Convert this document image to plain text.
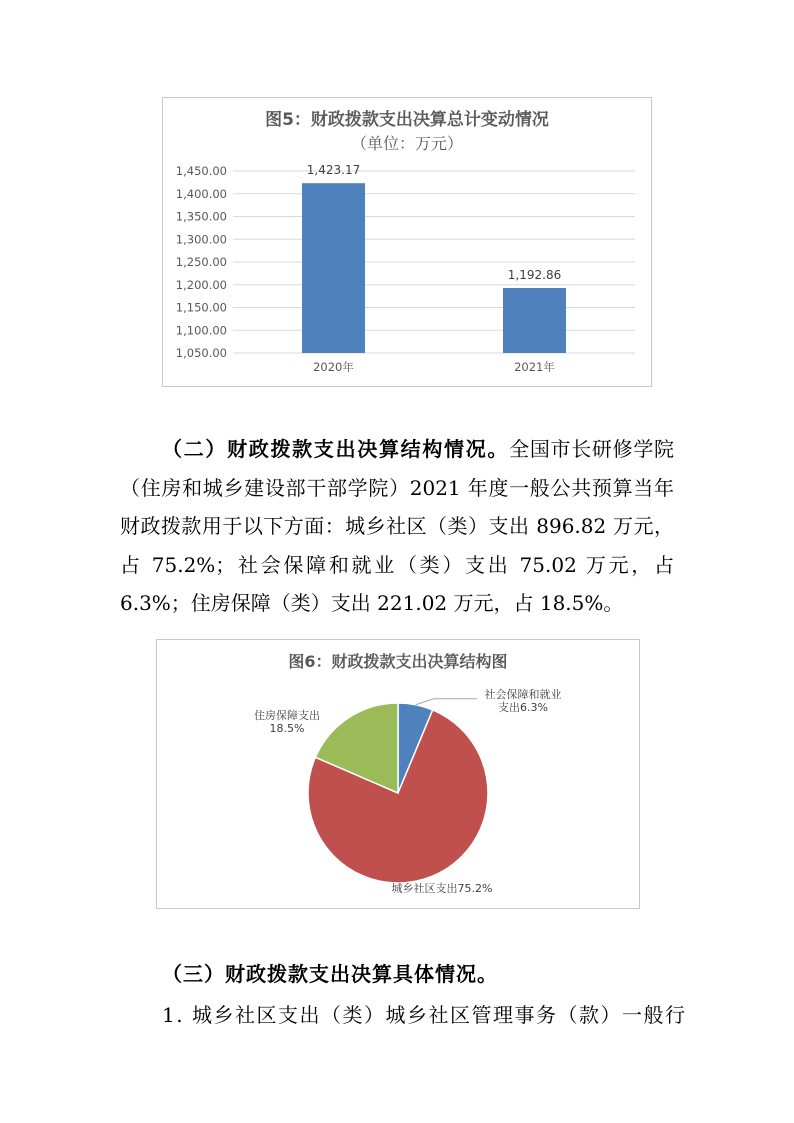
图5：财政拨款支出决算总计变动情况
（单位：万元）
1,050.00
1,100.00
1,150.00
1,200.00
1,250.00
1,300.00
1,350.00
1,400.00
1,450.00	1,423.17
1,192.86
2020年	2021年

（二）财政拨款支出决算结构情况。全国市长研修学院（住房和城乡建设部干部学院）2021 年度一般公共预算当年财政拨款用于以下方面：城乡社区（类）支出 896.82 万元，占 75.2%；社会保障和就业（类）支出 75.02 万元，占 6.3%；住房保障（类）支出 221.02 万元，占 18.5%。

图6：财政拨款支出决算结构图
社会保障和就业支出6.3%
城乡社区支出75.2%
住房保障支出 18.5%
（三）财政拨款支出决算具体情况。
1. 城乡社区支出（类）城乡社区管理事务（款）一般行
